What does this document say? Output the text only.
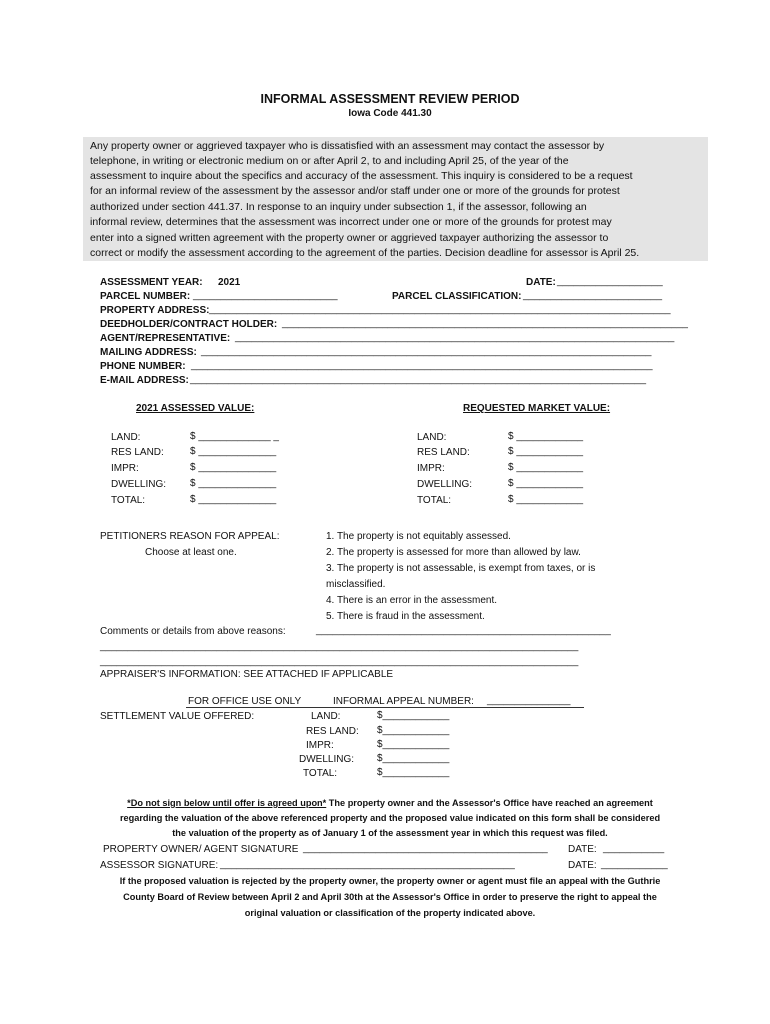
INFORMAL ASSESSMENT REVIEW PERIOD
Iowa Code 441.30
Any property owner or aggrieved taxpayer who is dissatisfied with an assessment may contact the assessor by
telephone, in writing or electronic medium on or after April 2, to and including April 25, of the year of the
assessment to inquire about the specifics and accuracy of the assessment. This inquiry is considered to be a request
for an informal review of the assessment by the assessor and/or staff under one or more of the grounds for protest
authorized under section 441.37. In response to an inquiry under subsection 1, if the assessor, following an
informal review, determines that the assessment was incorrect under one or more of the grounds for protest may
enter into a signed written agreement with the property owner or aggrieved taxpayer authorizing the assessor to
correct or modify the assessment according to the agreement of the parties. Decision deadline for assessor is April 25.
ASSESSMENT YEAR: 2021	DATE: ___________________
PARCEL NUMBER: __________________________	PARCEL CLASSIFICATION: _________________________
PROPERTY ADDRESS: ___________________________________________________________________________________
DEEDHOLDER/CONTRACT HOLDER: _________________________________________________________________________
AGENT/REPRESENTATIVE: _______________________________________________________________________________
MAILING ADDRESS: _________________________________________________________________________________
PHONE NUMBER: ___________________________________________________________________________________
E-MAIL ADDRESS: __________________________________________________________________________________
2021 ASSESSED VALUE:	REQUESTED MARKET VALUE:
LAND:	$ _____________ _
RES LAND:	$ ______________
IMPR:	$ ______________
DWELLING: $ ______________
TOTAL:	$ ______________
LAND:	$ ____________
RES LAND:	$ ____________
IMPR:	$ ____________
DWELLING:	$ ____________
TOTAL:	$ ____________
PETITIONERS REASON FOR APPEAL:
Choose at least one.
1. The property is not equitably assessed.
2. The property is assessed for more than allowed by law.
3. The property is not assessable, is exempt from taxes, or is
misclassified.
4. There is an error in the assessment.
5. There is fraud in the assessment.
Comments or details from above reasons:	_____________________________________________________
______________________________________________________________________________________
______________________________________________________________________________________
APPRAISER'S INFORMATION: SEE ATTACHED IF APPLICABLE
FOR OFFICE USE ONLY	INFORMAL APPEAL NUMBER: _______________
SETTLEMENT VALUE OFFERED:	LAND:	$____________
RES LAND: $____________
IMPR:	$____________
DWELLING: $____________
TOTAL:	$____________
*Do not sign below until offer is agreed upon* The property owner and the Assessor's Office have reached an agreement
regarding the valuation of the above referenced property and the proposed value indicated on this form shall be considered
the valuation of the property as of January 1 of the assessment year in which this request was filed.
PROPERTY OWNER/ AGENT SIGNATURE ____________________________________________ DATE: ___________
ASSESSOR SIGNATURE: _____________________________________________________	DATE: ____________
If the proposed valuation is rejected by the property owner, the property owner or agent must file an appeal with the Guthrie
County Board of Review between April 2 and April 30th at the Assessor's Office in order to preserve the right to appeal the
original valuation or classification of the property indicated above.
